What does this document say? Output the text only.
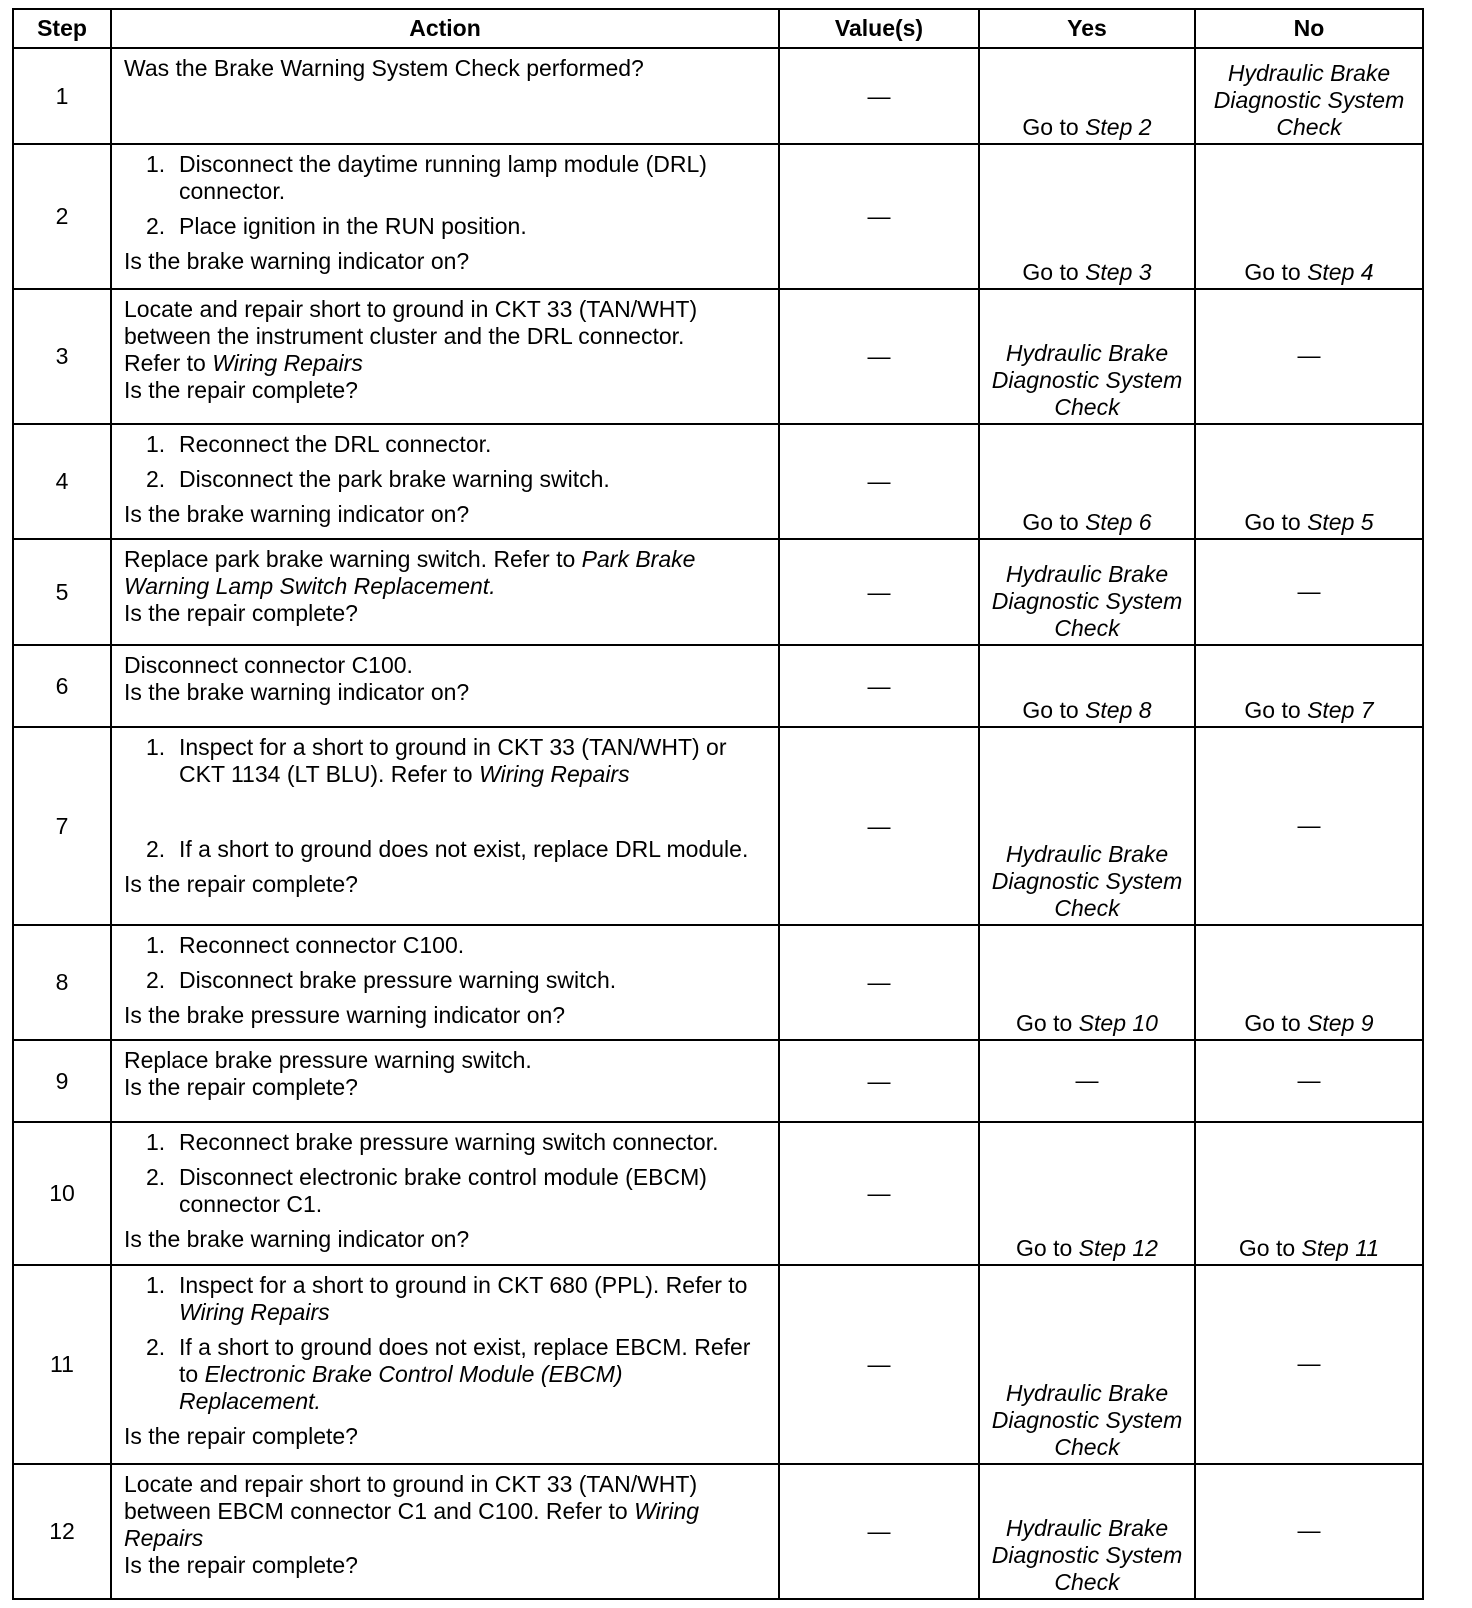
Step	Action	Value(s)	Yes	No
1	Was the Brake Warning System Check performed?	—	Go to Step 2	Hydraulic Brake Diagnostic System Check
2	1. Disconnect the daytime running lamp module (DRL) connector.
2. Place ignition in the RUN position.
Is the brake warning indicator on?	—	Go to Step 3	Go to Step 4
3	Locate and repair short to ground in CKT 33 (TAN/WHT) between the instrument cluster and the DRL connector.
Refer to Wiring Repairs
Is the repair complete?	—	Hydraulic Brake Diagnostic System Check	—
4	1. Reconnect the DRL connector.
2. Disconnect the park brake warning switch.
Is the brake warning indicator on?	—	Go to Step 6	Go to Step 5
5	Replace park brake warning switch. Refer to Park Brake Warning Lamp Switch Replacement.
Is the repair complete?	—	Hydraulic Brake Diagnostic System Check	—
6	Disconnect connector C100.
Is the brake warning indicator on?	—	Go to Step 8	Go to Step 7
7	1. Inspect for a short to ground in CKT 33 (TAN/WHT) or CKT 1134 (LT BLU). Refer to Wiring Repairs
2. If a short to ground does not exist, replace DRL module.
Is the repair complete?	—	Hydraulic Brake Diagnostic System Check	—
8	1. Reconnect connector C100.
2. Disconnect brake pressure warning switch.
Is the brake pressure warning indicator on?	—	Go to Step 10	Go to Step 9
9	Replace brake pressure warning switch.
Is the repair complete?	—	—	—
10	1. Reconnect brake pressure warning switch connector.
2. Disconnect electronic brake control module (EBCM) connector C1.
Is the brake warning indicator on?	—	Go to Step 12	Go to Step 11
11	1. Inspect for a short to ground in CKT 680 (PPL). Refer to Wiring Repairs
2. If a short to ground does not exist, replace EBCM. Refer to Electronic Brake Control Module (EBCM) Replacement.
Is the repair complete?	—	Hydraulic Brake Diagnostic System Check	—
12	Locate and repair short to ground in CKT 33 (TAN/WHT) between EBCM connector C1 and C100. Refer to Wiring Repairs
Is the repair complete?	—	Hydraulic Brake Diagnostic System Check	—
